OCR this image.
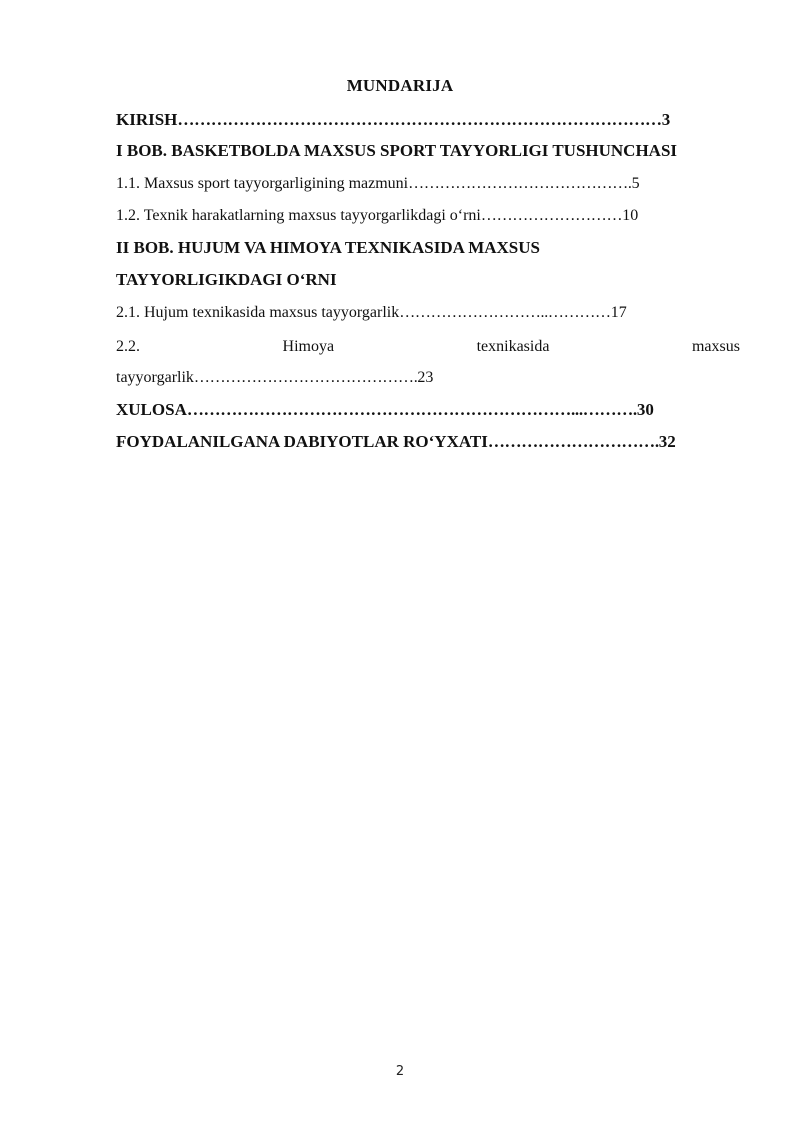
MUNDARIJA
KIRISH……………………………………………………………………………3
I BOB. BASKETBOLDA MAXSUS SPORT TAYYORLIGI TUSHUNCHASI
1.1. Maxsus sport tayyorgarligining mazmuni…………………………………….5
1.2. Texnik harakatlarning maxsus tayyorgarlikdagi o‘rni………………………10
II BOB. HUJUM VA HIMOYA TEXNIKASIDA MAXSUS
TAYYORLIGIKDAGI O‘RNI
2.1. Hujum texnikasida maxsus tayyorgarlik………………………..…………17
2.2.	Himoya	texnikasida	maxsus
tayyorgarlik…………………………………….23
XULOSA……………………………………………………………...……….30
FOYDALANILGANA DABIYOTLAR RO‘YXATI………………………….32
2
